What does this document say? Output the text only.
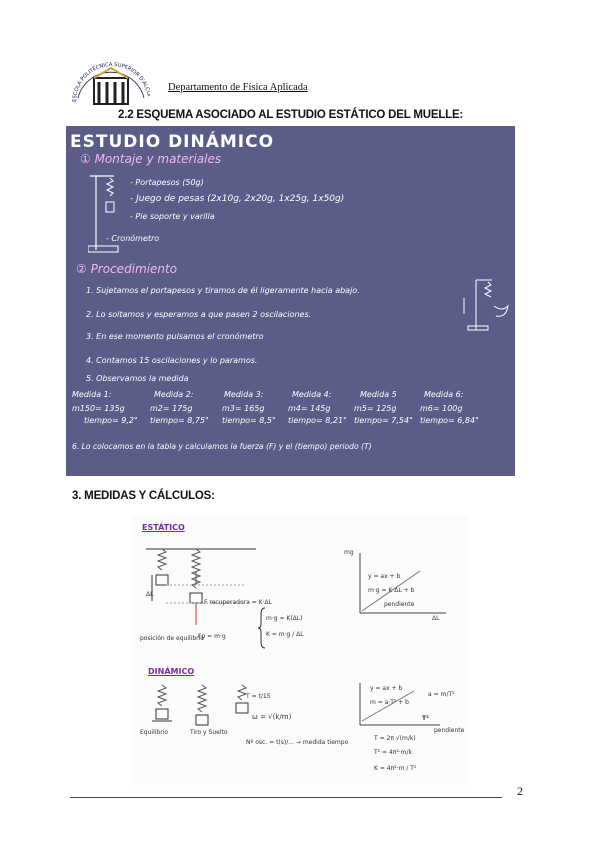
ESCOLA POLITÈCNICA SUPERIOR D'ALC Departamento de Física Aplicada
2.2 ESQUEMA ASOCIADO AL ESTUDIO ESTÁTICO DEL MUELLE:
ESTUDIO DINÁMICO
① Montaje y materiales
- Portapesos (50g)
- Juego de pesas (2x10g, 2x20g, 1x25g, 1x50g)
- Pie soporte y varilla
- Cronómetro
② Procedimiento
1. Sujetamos el portapesos y tiramos de él ligeramente hacia abajo.
2. Lo soltamos y esperamos a que pasen 2 oscilaciones.
3. En ese momento pulsamos el cronómetro
4. Contamos 15 oscilaciones y lo paramos.
5. Observamos la medida
Medida 1:
m150= 135g
tiempo= 9,2"
Medida 2:
m2= 175g
tiempo= 8,75"
Medida 3:
m3= 165g
tiempo= 8,5"
Medida 4:
m4= 145g
tiempo= 8,21"
Medida 5
m5= 125g
tiempo= 7,54"
Medida 6:
m6= 100g
tiempo= 6,84"
6. Lo colocamos en la tabla y calculamos la fuerza (F) y el (tiempo) periodo (T)
3. MEDIDAS Y CÁLCULOS:
ESTÁTICO
ΔL
F recuperadora = K·ΔL
posición de equilibrio
Fp = m·g
m·g = K(ΔL)
K = m·g / ΔL
mg
ΔL
y = ax + b
m·g = K·ΔL + b
pendiente
DINÁMICO
Equilibrio	Tiro y Suelto
T = t/15
ω = √(k/m)
Nº osc. = t(s)/... → medida tiempo
y = ax + b
m = a·T² + b
T²
pendiente
a = m/T²
T = 2π √(m/k)
T² = 4π²·m/k
K = 4π²·m / T²
2
